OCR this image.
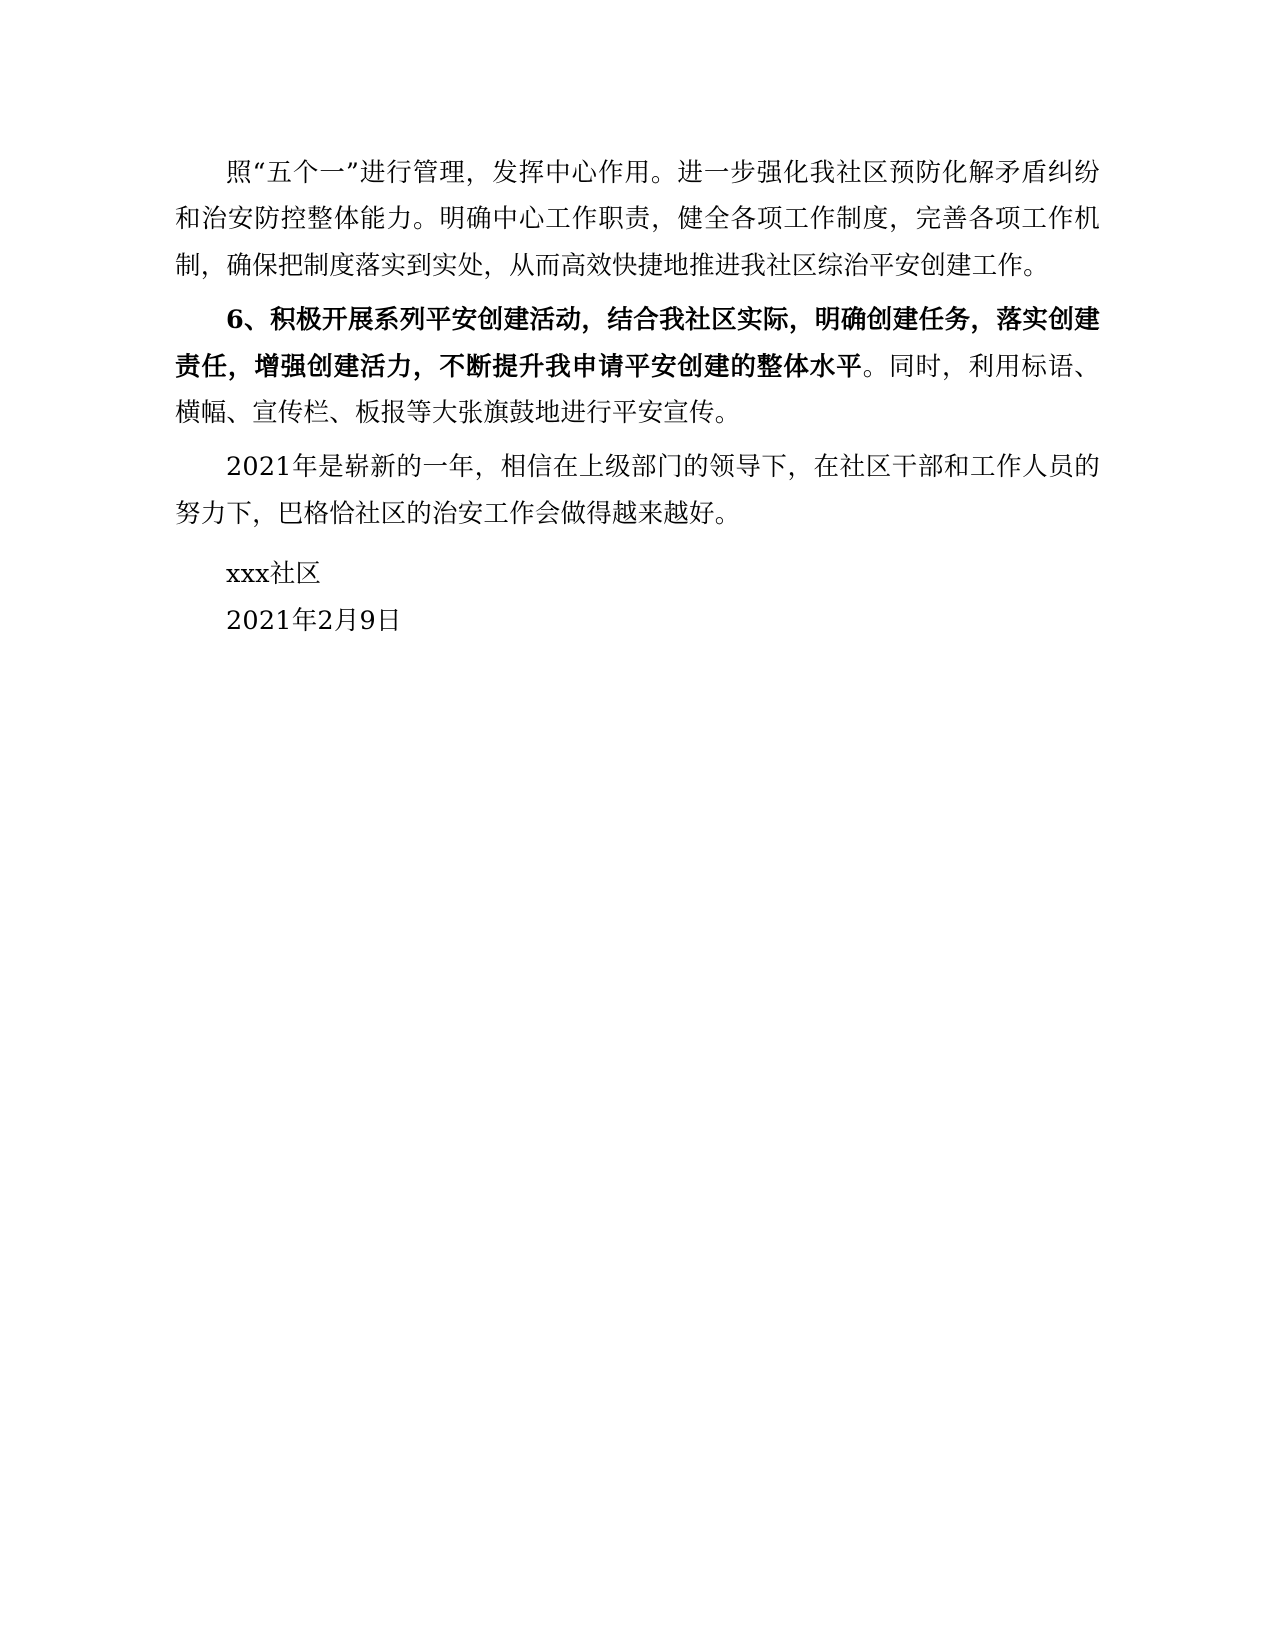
照“五个一”进行管理，发挥中心作用。进一步强化我社区预防化解矛盾纠纷和治安防控整体能力。明确中心工作职责，健全各项工作制度，完善各项工作机制，确保把制度落实到实处，从而高效快捷地推进我社区综治平安创建工作。

6、积极开展系列平安创建活动，结合我社区实际，明确创建任务，落实创建责任，增强创建活力，不断提升我申请平安创建的整体水平。同时，利用标语、横幅、宣传栏、板报等大张旗鼓地进行平安宣传。

2021年是崭新的一年，相信在上级部门的领导下，在社区干部和工作人员的努力下，巴格恰社区的治安工作会做得越来越好。

xxx社区

2021年2月9日
